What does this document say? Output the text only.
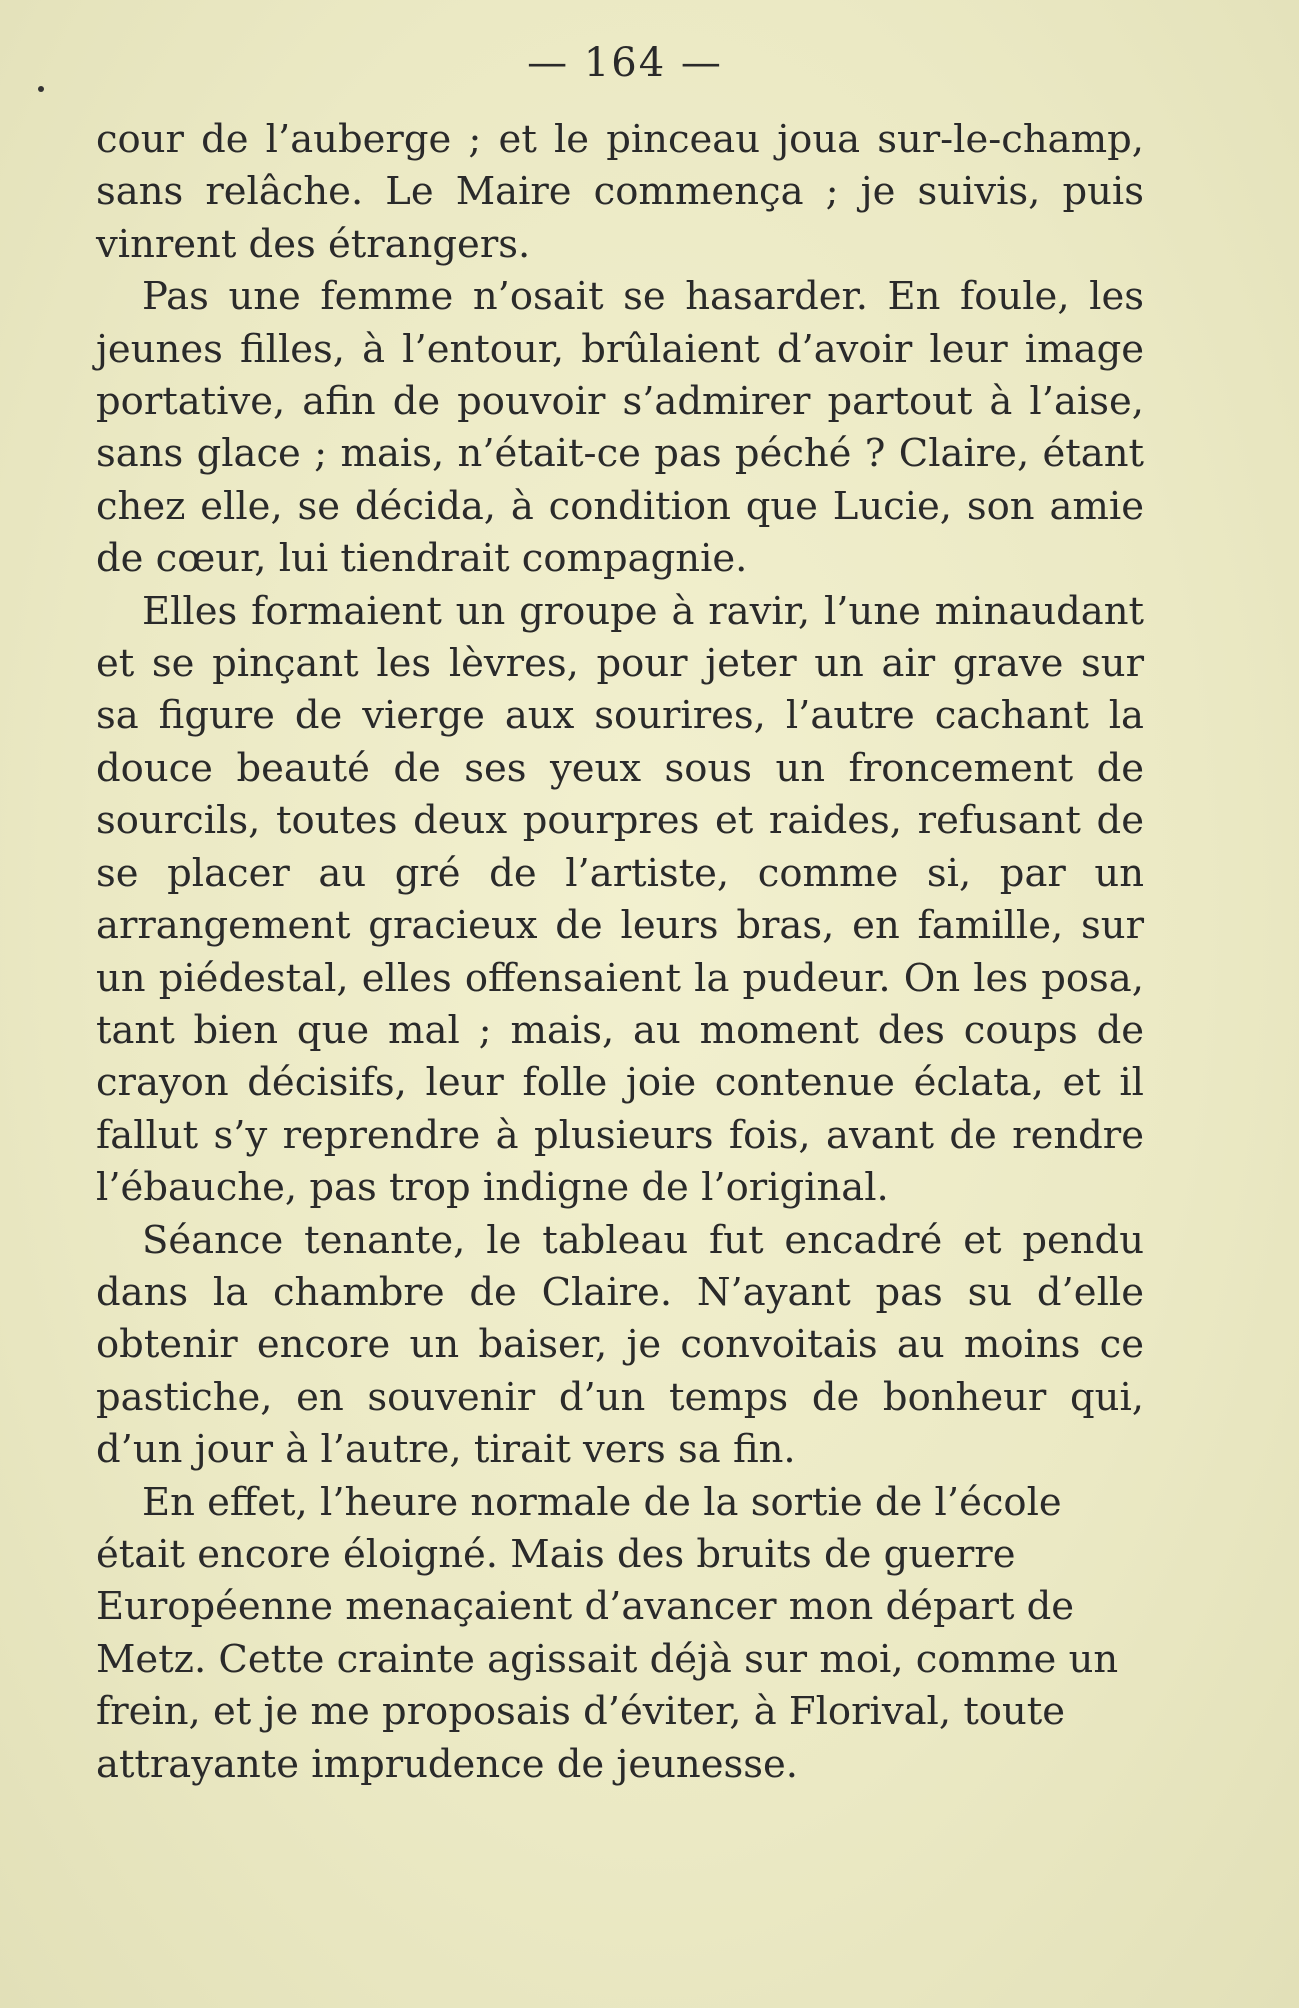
— 164 —

cour de l’auberge ; et le pinceau joua sur-le-champ, sans relâche. Le Maire commença ; je suivis, puis vinrent des étrangers.

Pas une femme n’osait se hasarder. En foule, les jeunes filles, à l’entour, brûlaient d’avoir leur image portative, afin de pouvoir s’admirer partout à l’aise, sans glace ; mais, n’était-ce pas péché ? Claire, étant chez elle, se décida, à condition que Lucie, son amie de cœur, lui tiendrait compagnie.

Elles formaient un groupe à ravir, l’une minaudant et se pinçant les lèvres, pour jeter un air grave sur sa figure de vierge aux sourires, l’autre cachant la douce beauté de ses yeux sous un froncement de sourcils, toutes deux pourpres et raides, refusant de se placer au gré de l’artiste, comme si, par un arrangement gracieux de leurs bras, en famille, sur un piédestal, elles offensaient la pudeur. On les posa, tant bien que mal ; mais, au moment des coups de crayon décisifs, leur folle joie contenue éclata, et il fallut s’y reprendre à plusieurs fois, avant de rendre l’ébauche, pas trop indigne de l’original.

Séance tenante, le tableau fut encadré et pendu dans la chambre de Claire. N’ayant pas su d’elle obtenir encore un baiser, je convoitais au moins ce pastiche, en souvenir d’un temps de bonheur qui, d’un jour à l’autre, tirait vers sa fin.

En effet, l’heure normale de la sortie de l’école était encore éloigné. Mais des bruits de guerre Européenne menaçaient d’avancer mon départ de Metz. Cette crainte agissait déjà sur moi, comme un frein, et je me proposais d’éviter, à Florival, toute attrayante imprudence de jeunesse.
